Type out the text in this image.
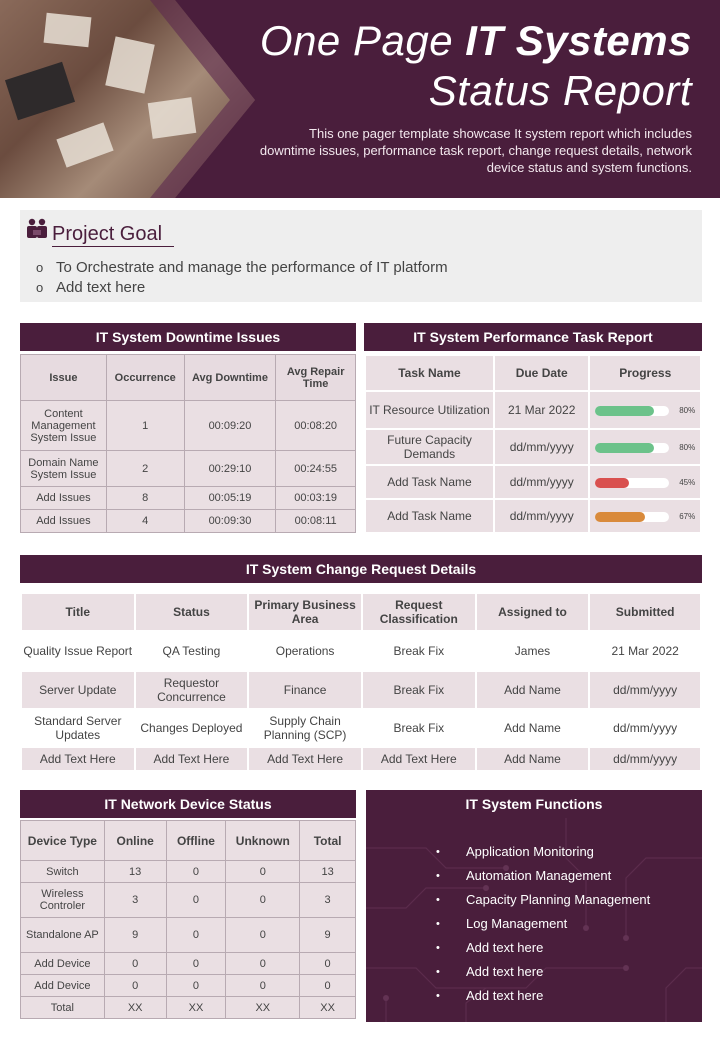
One Page IT Systems
Status Report
This one pager template showcase It system report which includes downtime issues, performance task report, change request details, network device status and system functions.
Project Goal
o To Orchestrate and manage the performance of IT platform
o Add text here
IT System Downtime Issues
Issue	Occurrence	Avg Downtime	Avg Repair Time
Content Management System Issue	1	00:09:20	00:08:20
Domain Name System Issue	2	00:29:10	00:24:55
Add Issues	8	00:05:19	00:03:19
Add Issues	4	00:09:30	00:08:11
IT System Performance Task Report
Task Name	Due Date	Progress
IT Resource Utilization	21 Mar 2022	80%
Future Capacity Demands	dd/mm/yyyy	80%
Add Task Name	dd/mm/yyyy	45%
Add Task Name	dd/mm/yyyy	67%
IT System Change Request Details
Title	Status	Primary Business Area	Request Classification	Assigned to	Submitted
Quality Issue Report	QA Testing	Operations	Break Fix	James	21 Mar 2022
Server Update	Requestor Concurrence	Finance	Break Fix	Add Name	dd/mm/yyyy
Standard Server Updates	Changes Deployed	Supply Chain Planning (SCP)	Break Fix	Add Name	dd/mm/yyyy
Add Text Here	Add Text Here	Add Text Here	Add Text Here	Add Name	dd/mm/yyyy
IT Network Device Status
Device Type	Online	Offline	Unknown	Total
Switch	13	0	0	13
Wireless Controler	3	0	0	3
Standalone AP	9	0	0	9
Add Device	0	0	0	0
Add Device	0	0	0	0
Total	XX	XX	XX	XX
IT System Functions
• Application Monitoring
• Automation Management
• Capacity Planning Management
• Log Management
• Add text here
• Add text here
• Add text here
